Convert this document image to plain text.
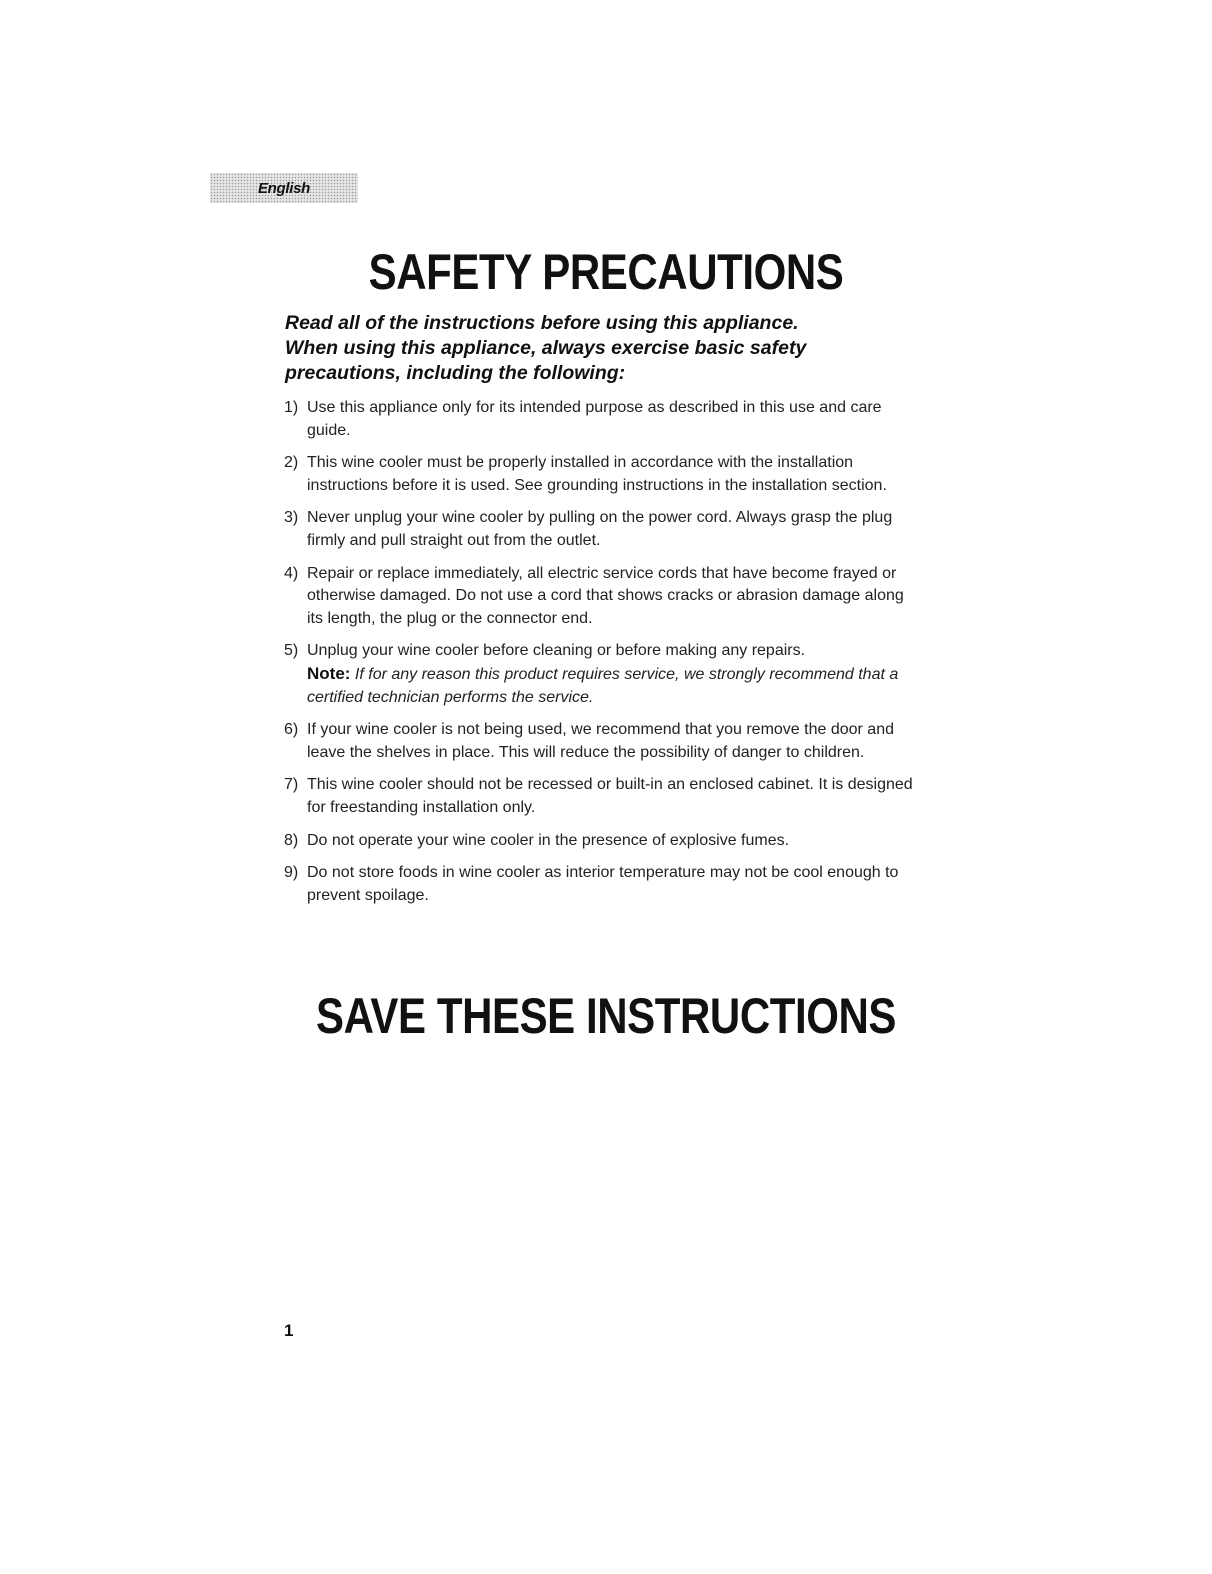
English
SAFETY PRECAUTIONS

Read all of the instructions before using this appliance.
When using this appliance, always exercise basic safety
precautions, including the following:

1) Use this appliance only for its intended purpose as described in this use and care guide.
2) This wine cooler must be properly installed in accordance with the installation instructions before it is used. See grounding instructions in the installation section.
3) Never unplug your wine cooler by pulling on the power cord. Always grasp the plug firmly and pull straight out from the outlet.
4) Repair or replace immediately, all electric service cords that have become frayed or otherwise damaged. Do not use a cord that shows cracks or abrasion damage along its length, the plug or the connector end.
5) Unplug your wine cooler before cleaning or before making any repairs.
Note: If for any reason this product requires service, we strongly recommend that a certified technician performs the service.
6) If your wine cooler is not being used, we recommend that you remove the door and leave the shelves in place. This will reduce the possibility of danger to children.
7) This wine cooler should not be recessed or built-in an enclosed cabinet. It is designed for freestanding installation only.
8) Do not operate your wine cooler in the presence of explosive fumes.
9) Do not store foods in wine cooler as interior temperature may not be cool enough to prevent spoilage.
SAVE THESE INSTRUCTIONS
1
